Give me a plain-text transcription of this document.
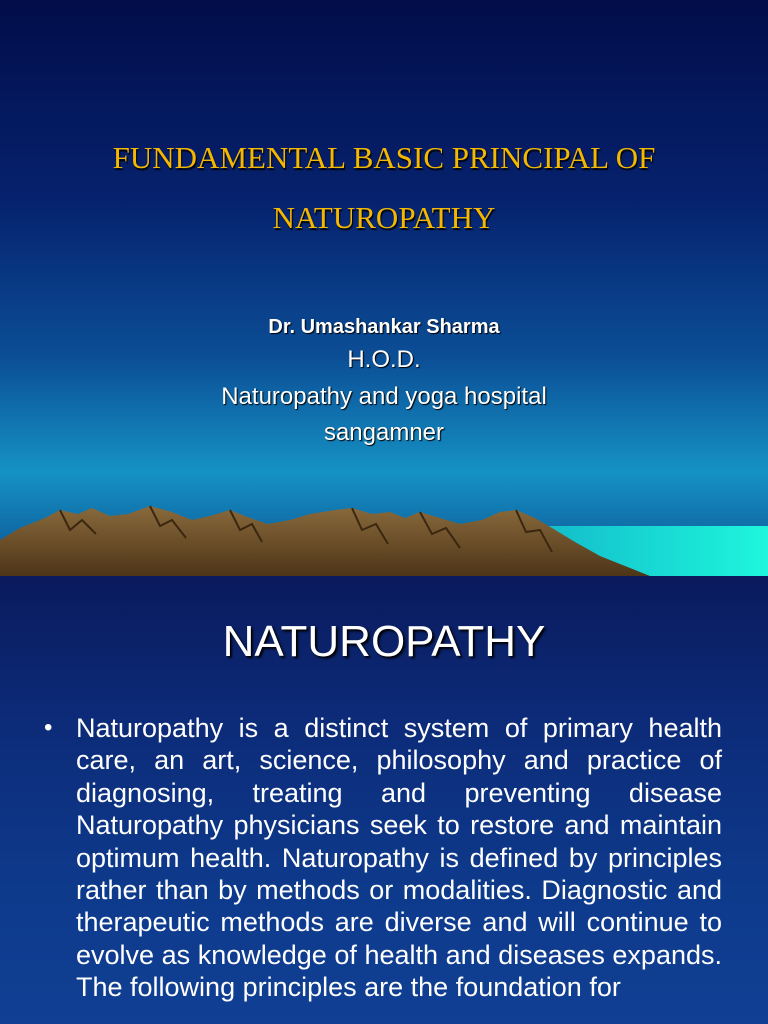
FUNDAMENTAL BASIC PRINCIPAL OF
NATUROPATHY
Dr. Umashankar Sharma
H.O.D.
Naturopathy and yoga hospital
sangamner
NATUROPATHY
• Naturopathy is a distinct system of primary health care, an art, science, philosophy and practice of diagnosing, treating and preventing disease Naturopathy physicians seek to restore and maintain optimum health. Naturopathy is defined by principles rather than by methods or modalities. Diagnostic and therapeutic methods are diverse and will continue to evolve as knowledge of health and diseases expands. The following principles are the foundation for
